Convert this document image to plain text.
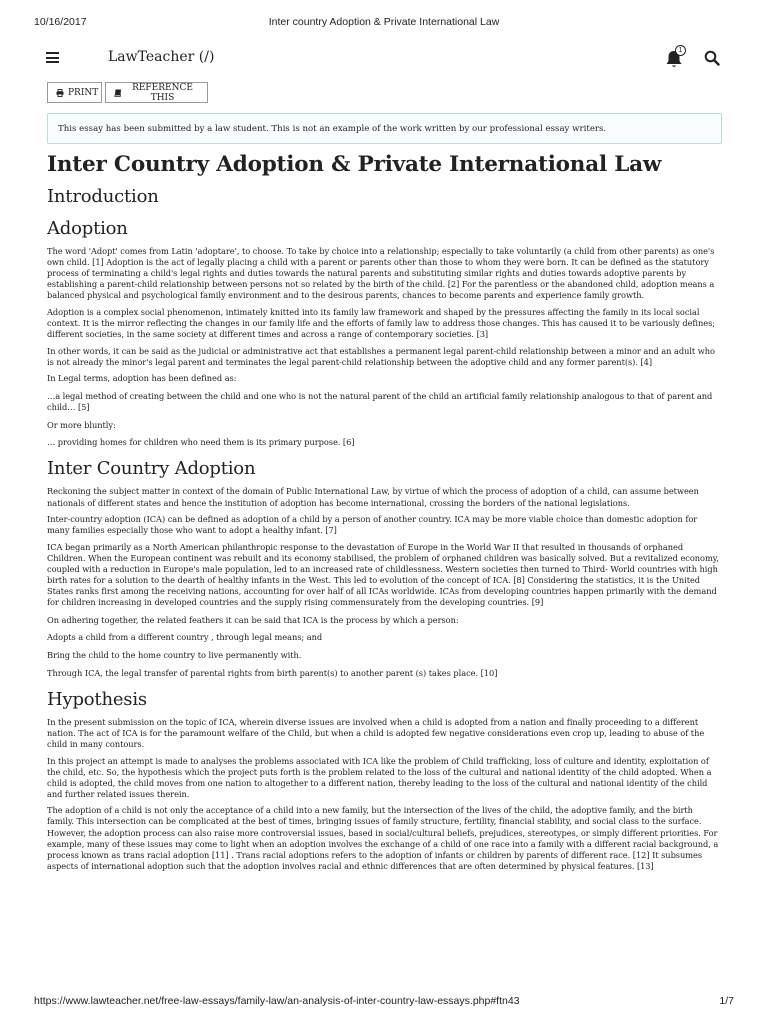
10/16/2017	Inter country Adoption & Private International Law
LawTeacher (/)	1
PRINT	REFERENCE THIS
This essay has been submitted by a law student. This is not an example of the work written by our professional essay writers.
Inter Country Adoption & Private International Law
Introduction
Adoption

The word 'Adopt' comes from Latin 'adoptare', to choose. To take by choice into a relationship; especially to take voluntarily (a child from other parents) as one's own child. [1] Adoption is the act of legally placing a child with a parent or parents other than those to whom they were born. It can be defined as the statutory process of terminating a child's legal rights and duties towards the natural parents and substituting similar rights and duties towards adoptive parents by establishing a parent-child relationship between persons not so related by the birth of the child. [2] For the parentless or the abandoned child, adoption means a balanced physical and psychological family environment and to the desirous parents, chances to become parents and experience family growth.

Adoption is a complex social phenomenon, intimately knitted into its family law framework and shaped by the pressures affecting the family in its local social context. It is the mirror reflecting the changes in our family life and the efforts of family law to address those changes. This has caused it to be variously defines; different societies, in the same society at different times and across a range of contemporary societies. [3]

In other words, it can be said as the judicial or administrative act that establishes a permanent legal parent-child relationship between a minor and an adult who is not already the minor's legal parent and terminates the legal parent-child relationship between the adoptive child and any former parent(s). [4]

In Legal terms, adoption has been defined as:

…a legal method of creating between the child and one who is not the natural parent of the child an artificial family relationship analogous to that of parent and child… [5]

Or more bluntly:

… providing homes for children who need them is its primary purpose. [6]

Inter Country Adoption

Reckoning the subject matter in context of the domain of Public International Law, by virtue of which the process of adoption of a child, can assume between nationals of different states and hence the institution of adoption has become international, crossing the borders of the national legislations.

Inter-country adoption (ICA) can be defined as adoption of a child by a person of another country. ICA may be more viable choice than domestic adoption for many families especially those who want to adopt a healthy infant. [7]

ICA began primarily as a North American philanthropic response to the devastation of Europe in the World War II that resulted in thousands of orphaned Children. When the European continent was rebuilt and its economy stabilised, the problem of orphaned children was basically solved. But a revitalized economy, coupled with a reduction in Europe's male population, led to an increased rate of childlessness. Western societies then turned to Third- World countries with high birth rates for a solution to the dearth of healthy infants in the West. This led to evolution of the concept of ICA. [8] Considering the statistics, it is the United States ranks first among the receiving nations, accounting for over half of all ICAs worldwide. ICAs from developing countries happen primarily with the demand for children increasing in developed countries and the supply rising commensurately from the developing countries. [9]

On adhering together, the related feathers it can be said that ICA is the process by which a person:

Adopts a child from a different country , through legal means; and

Bring the child to the home country to live permanently with.

Through ICA, the legal transfer of parental rights from birth parent(s) to another parent (s) takes place. [10]

Hypothesis

In the present submission on the topic of ICA, wherein diverse issues are involved when a child is adopted from a nation and finally proceeding to a different nation. The act of ICA is for the paramount welfare of the Child, but when a child is adopted few negative considerations even crop up, leading to abuse of the child in many contours.

In this project an attempt is made to analyses the problems associated with ICA like the problem of Child trafficking, loss of culture and identity, exploitation of the child, etc. So, the hypothesis which the project puts forth is the problem related to the loss of the cultural and national identity of the child adopted. When a child is adopted, the child moves from one nation to altogether to a different nation, thereby leading to the loss of the cultural and national identity of the child and further related issues therein.

The adoption of a child is not only the acceptance of a child into a new family, but the intersection of the lives of the child, the adoptive family, and the birth family. This intersection can be complicated at the best of times, bringing issues of family structure, fertility, financial stability, and social class to the surface. However, the adoption process can also raise more controversial issues, based in social/cultural beliefs, prejudices, stereotypes, or simply different priorities. For example, many of these issues may come to light when an adoption involves the exchange of a child of one race into a family with a different racial background, a process known as trans racial adoption [11] . Trans racial adoptions refers to the adoption of infants or children by parents of different race. [12] It subsumes aspects of international adoption such that the adoption involves racial and ethnic differences that are often determined by physical features. [13]

https://www.lawteacher.net/free-law-essays/family-law/an-analysis-of-inter-country-law-essays.php#ftn43	1/7
